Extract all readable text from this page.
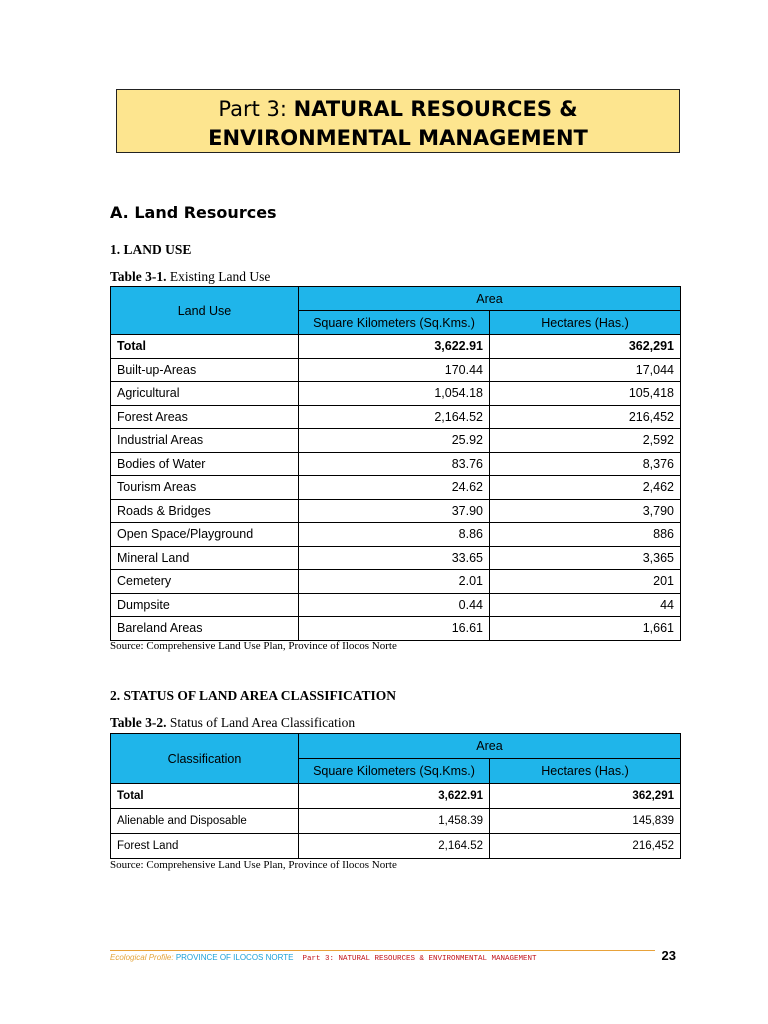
Part 3: NATURAL RESOURCES &
ENVIRONMENTAL MANAGEMENT
A. Land Resources
1. LAND USE
Table 3-1. Existing Land Use
Land Use	Area	
	Square Kilometers (Sq.Kms.)	Hectares (Has.)
Total	3,622.91	362,291
Built-up-Areas	170.44	17,044
Agricultural	1,054.18	105,418
Forest Areas	2,164.52	216,452
Industrial Areas	25.92	2,592
Bodies of Water	83.76	8,376
Tourism Areas	24.62	2,462
Roads & Bridges	37.90	3,790
Open Space/Playground	8.86	886
Mineral Land	33.65	3,365
Cemetery	2.01	201
Dumpsite	0.44	44
Bareland Areas	16.61	1,661
Source: Comprehensive Land Use Plan, Province of Ilocos Norte
2. STATUS OF LAND AREA CLASSIFICATION
Table 3-2. Status of Land Area Classification
Classification	Area	
	Square Kilometers (Sq.Kms.)	Hectares (Has.)
Total	3,622.91	362,291
Alienable and Disposable	1,458.39	145,839
Forest Land	2,164.52	216,452
Source: Comprehensive Land Use Plan, Province of Ilocos Norte
Ecological Profile: PROVINCE OF ILOCOS NORTE  Part 3: NATURAL RESOURCES & ENVIRONMENTAL MANAGEMENT	23
